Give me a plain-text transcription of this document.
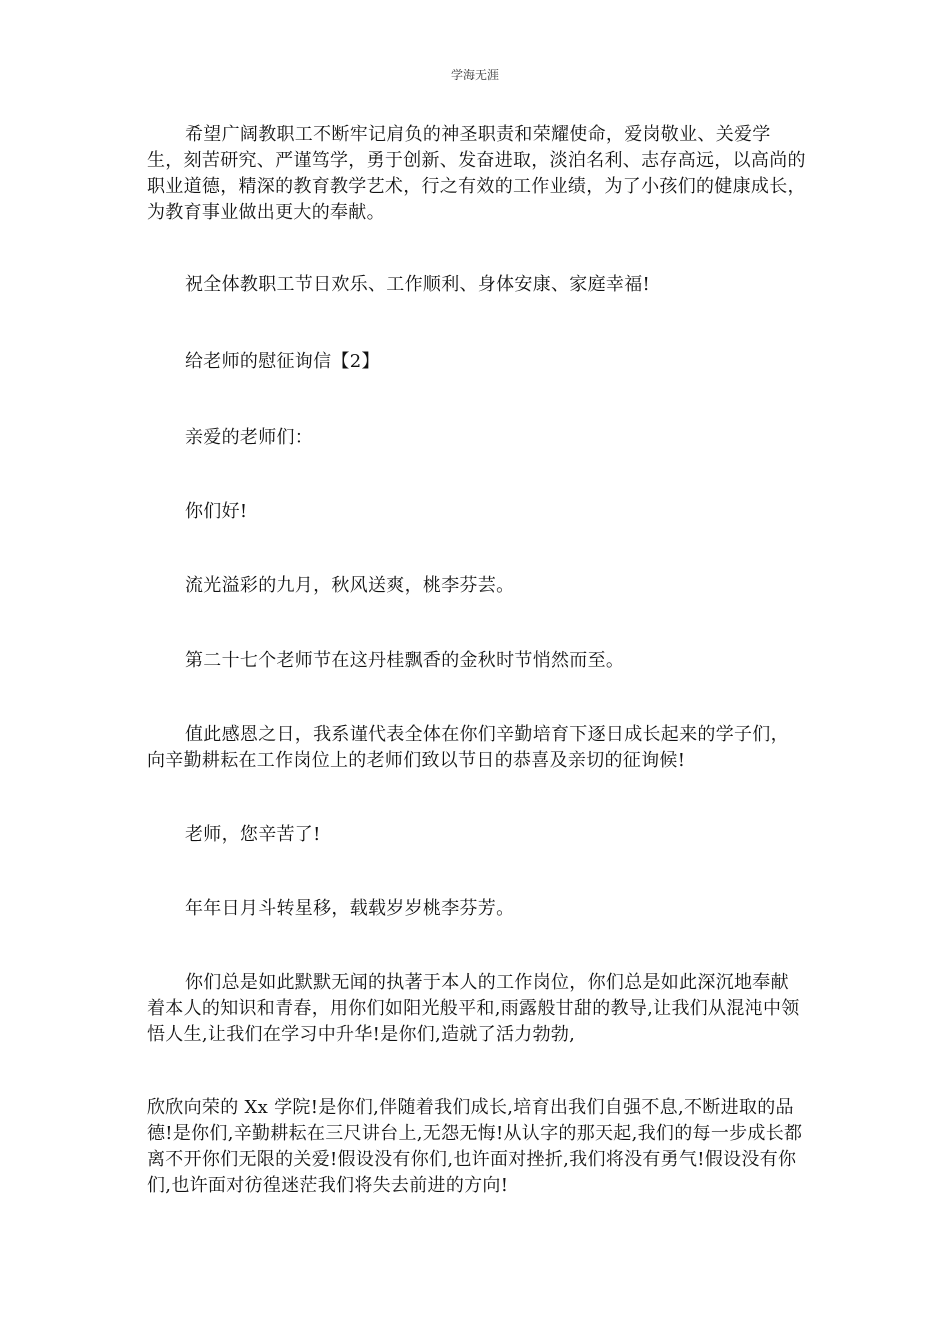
学海无涯

希望广阔教职工不断牢记肩负的神圣职责和荣耀使命，爱岗敬业、关爱学生，刻苦研究、严谨笃学，勇于创新、发奋进取，淡泊名利、志存高远，以高尚的职业道德，精深的教育教学艺术，行之有效的工作业绩，为了小孩们的健康成长，为教育事业做出更大的奉献。

祝全体教职工节日欢乐、工作顺利、身体安康、家庭幸福!

给老师的慰征询信【2】

亲爱的老师们：

你们好!

流光溢彩的九月，秋风送爽，桃李芬芸。

第二十七个老师节在这丹桂飘香的金秋时节悄然而至。

值此感恩之日，我系谨代表全体在你们辛勤培育下逐日成长起来的学子们，向辛勤耕耘在工作岗位上的老师们致以节日的恭喜及亲切的征询候!

老师，您辛苦了!

年年日月斗转星移，载载岁岁桃李芬芳。

你们总是如此默默无闻的执著于本人的工作岗位，你们总是如此深沉地奉献着本人的知识和青春，用你们如阳光般平和,雨露般甘甜的教导,让我们从混沌中领悟人生,让我们在学习中升华!是你们,造就了活力勃勃,

欣欣向荣的 Xx 学院!是你们,伴随着我们成长,培育出我们自强不息,不断进取的品德!是你们,辛勤耕耘在三尺讲台上,无怨无悔!从认字的那天起,我们的每一步成长都离不开你们无限的关爱!假设没有你们,也许面对挫折,我们将没有勇气!假设没有你们,也许面对彷徨迷茫我们将失去前进的方向!
